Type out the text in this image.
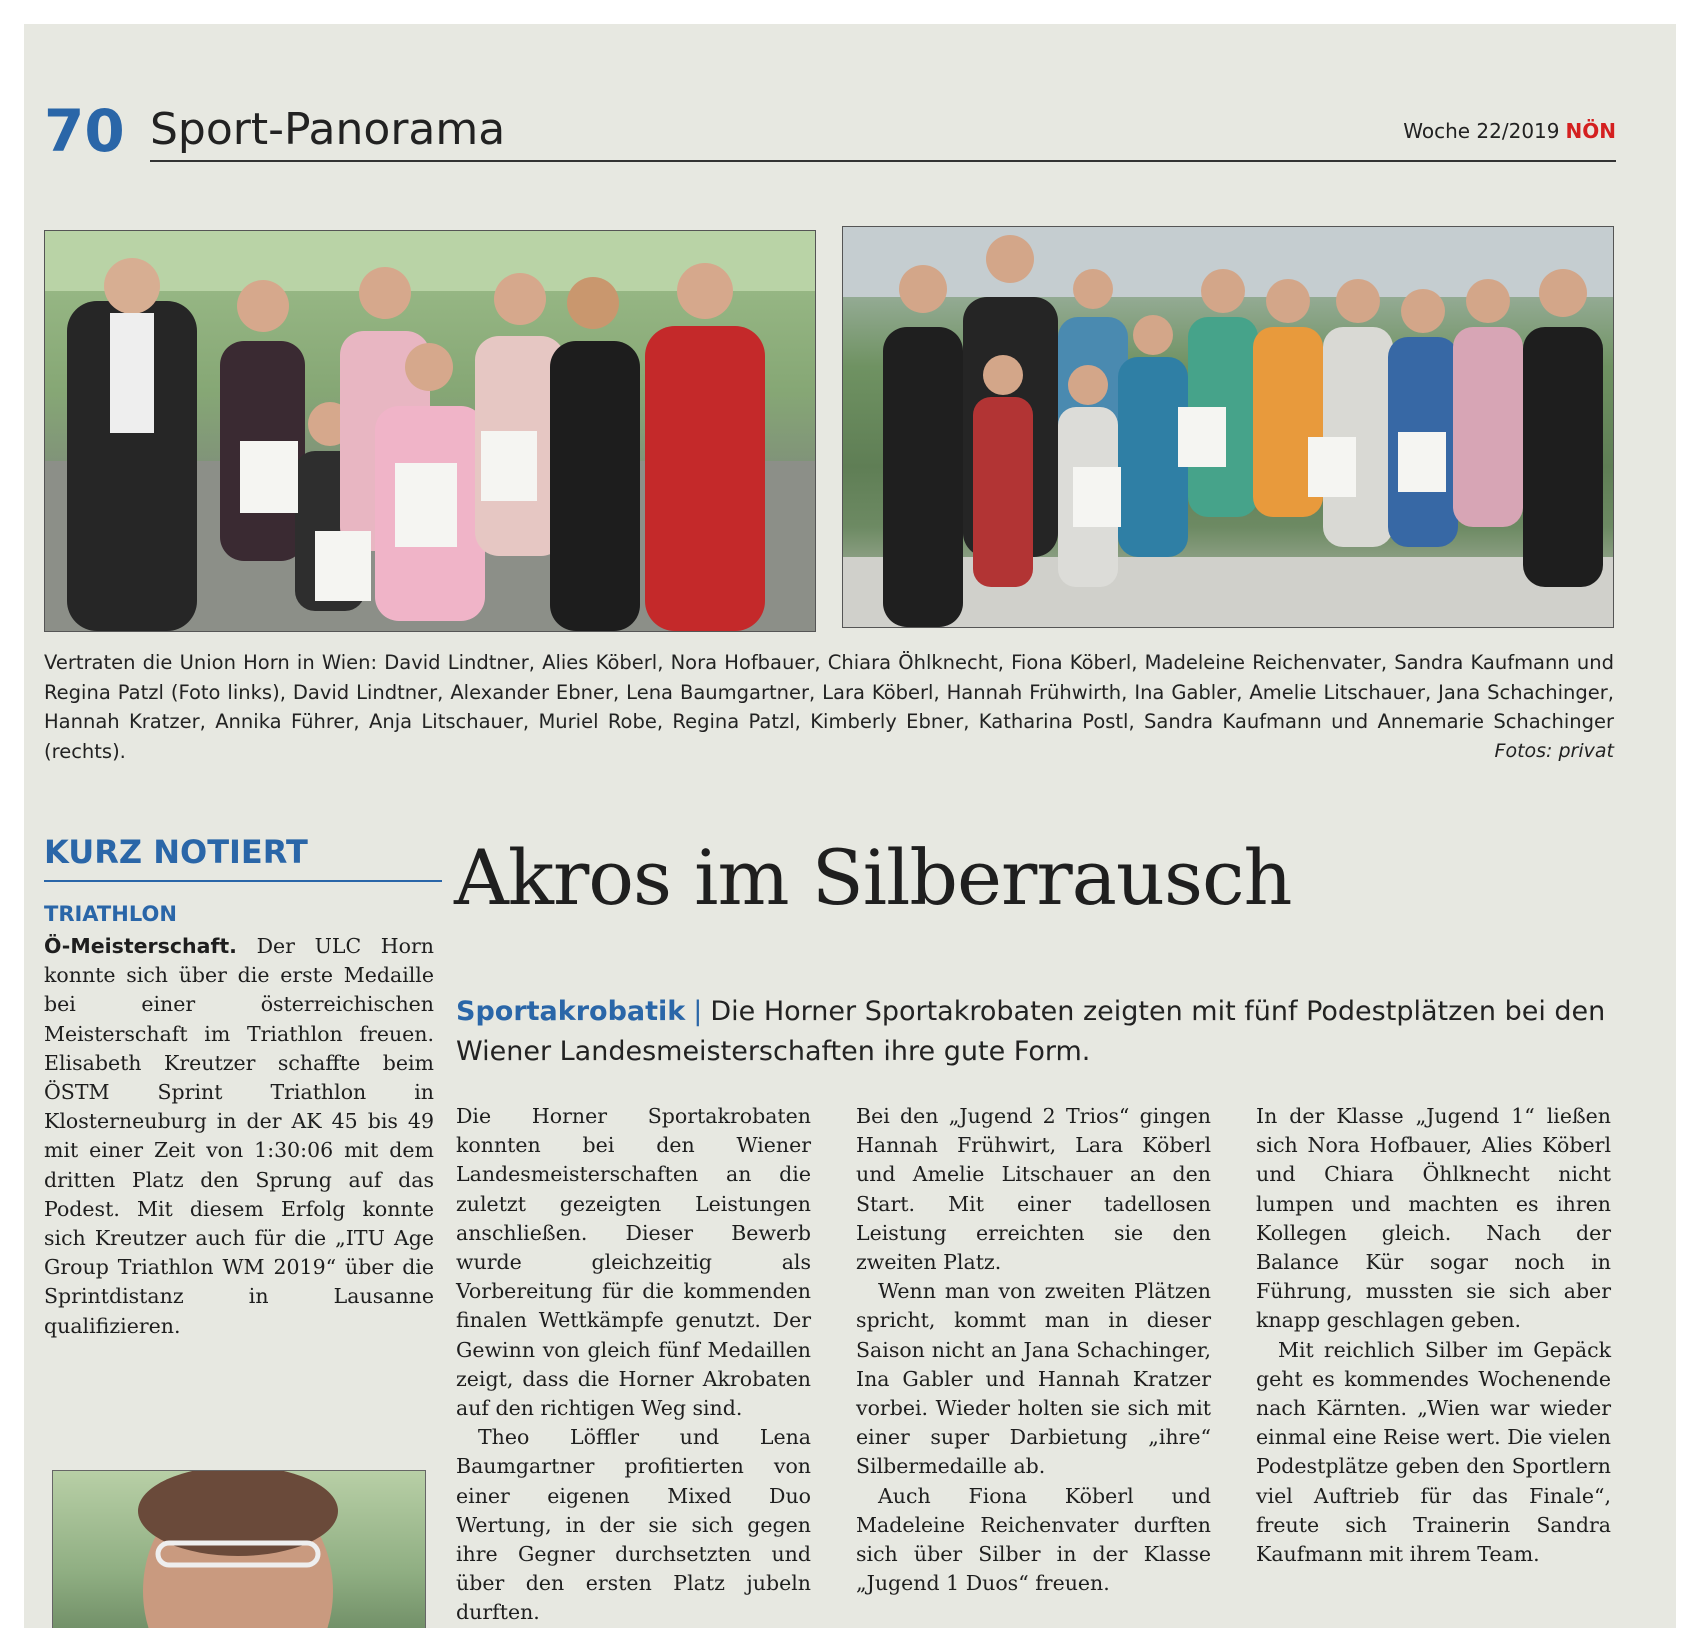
70 Sport-Panorama	Woche 22/2019 NÖN
Vertraten die Union Horn in Wien: David Lindtner, Alies Köberl, Nora Hofbauer, Chiara Öhlknecht, Fiona Köberl, Madeleine Reichenvater, Sandra Kaufmann und Regina Patzl (Foto links), David Lindtner, Alexander Ebner, Lena Baumgartner, Lara Köberl, Hannah Frühwirth, Ina Gabler, Amelie Litschauer, Jana Schachinger, Hannah Kratzer, Annika Führer, Anja Litschauer, Muriel Robe, Regina Patzl, Kimberly Ebner, Katharina Postl, Sandra Kaufmann und Annemarie Schachinger (rechts).	Fotos: privat
KURZ NOTIERT
TRIATHLON
Ö-Meisterschaft. Der ULC Horn konnte sich über die erste Medaille bei einer österreichischen Meisterschaft im Triathlon freuen. Elisabeth Kreutzer schaffte beim ÖSTM Sprint Triathlon in Klosterneuburg in der AK 45 bis 49 mit einer Zeit von 1:30:06 mit dem dritten Platz den Sprung auf das Podest. Mit diesem Erfolg konnte sich Kreutzer auch für die „ITU Age Group Triathlon WM 2019“ über die Sprintdistanz in Lausanne qualifizieren.
Akros im Silberrausch
Sportakrobatik | Die Horner Sportakrobaten zeigten mit fünf Podestplätzen bei den Wiener Landesmeisterschaften ihre gute Form.

Die Horner Sportakrobaten konnten bei den Wiener Landesmeisterschaften an die zuletzt gezeigten Leistungen anschließen. Dieser Bewerb wurde gleichzeitig als Vorbereitung für die kommenden finalen Wettkämpfe genutzt. Der Gewinn von gleich fünf Medaillen zeigt, dass die Horner Akrobaten auf den richtigen Weg sind.

Theo Löffler und Lena Baumgartner profitierten von einer eigenen Mixed Duo Wertung, in der sie sich gegen ihre Gegner durchsetzten und über den ersten Platz jubeln durften.

Bei den „Jugend 2 Trios“ gingen Hannah Frühwirt, Lara Köberl und Amelie Litschauer an den Start. Mit einer tadellosen Leistung erreichten sie den zweiten Platz.

Wenn man von zweiten Plätzen spricht, kommt man in dieser Saison nicht an Jana Schachinger, Ina Gabler und Hannah Kratzer vorbei. Wieder holten sie sich mit einer super Darbietung „ihre“ Silbermedaille ab.

Auch Fiona Köberl und Madeleine Reichenvater durften sich über Silber in der Klasse „Jugend 1 Duos“ freuen.

In der Klasse „Jugend 1“ ließen sich Nora Hofbauer, Alies Köberl und Chiara Öhlknecht nicht lumpen und machten es ihren Kollegen gleich. Nach der Balance Kür sogar noch in Führung, mussten sie sich aber knapp geschlagen geben.

Mit reichlich Silber im Gepäck geht es kommendes Wochenende nach Kärnten. „Wien war wieder einmal eine Reise wert. Die vielen Podestplätze geben den Sportlern viel Auftrieb für das Finale“, freute sich Trainerin Sandra Kaufmann mit ihrem Team.
